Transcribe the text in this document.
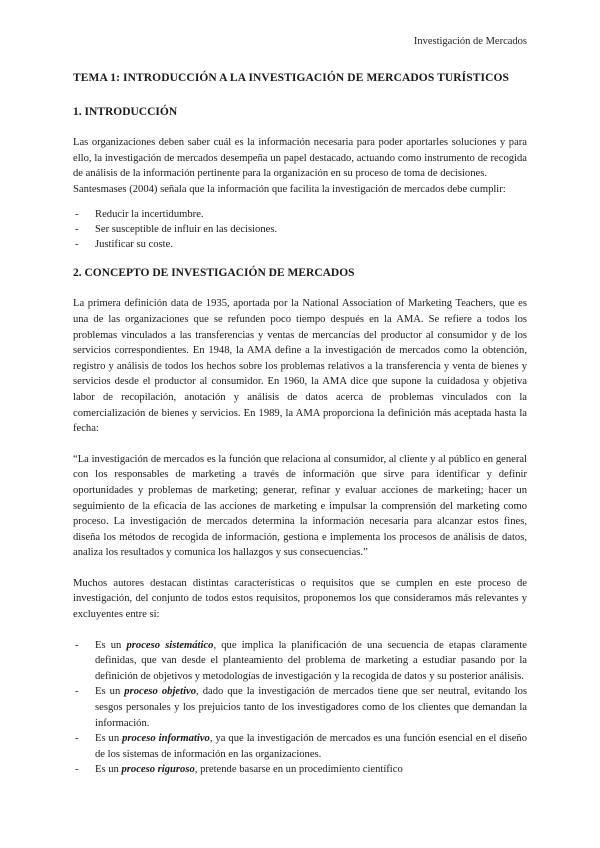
Investigación de Mercados
TEMA 1: INTRODUCCIÓN A LA INVESTIGACIÓN DE MERCADOS TURÍSTICOS
1. INTRODUCCIÓN

Las organizaciones deben saber cuál es la información necesaria para poder aportarles soluciones y para ello, la investigación de mercados desempeña un papel destacado, actuando como instrumento de recogida de análisis de la información pertinente para la organización en su proceso de toma de decisiones.

Santesmases (2004) señala que la información que facilita la investigación de mercados debe cumplir:

- Reducir la incertidumbre.
- Ser susceptible de influir en las decisiones.
- Justificar su coste.
2. CONCEPTO DE INVESTIGACIÓN DE MERCADOS

La primera definición data de 1935, aportada por la National Association of Marketing Teachers, que es una de las organizaciones que se refunden poco tiempo después en la AMA. Se refiere a todos los problemas vinculados a las transferencias y ventas de mercancías del productor al consumidor y de los servicios correspondientes. En 1948, la AMA define a la investigación de mercados como la obtención, registro y análisis de todos los hechos sobre los problemas relativos a la transferencia y venta de bienes y servicios desde el productor al consumidor. En 1960, la AMA dice que supone la cuidadosa y objetiva labor de recopilación, anotación y análisis de datos acerca de problemas vinculados con la comercialización de bienes y servicios. En 1989, la AMA proporciona la definición más aceptada hasta la fecha:

“La investigación de mercados es la función que relaciona al consumidor, al cliente y al público en general con los responsables de marketing a través de información que sirve para identificar y definir oportunidades y problemas de marketing; generar, refinar y evaluar acciones de marketing; hacer un seguimiento de la eficacia de las acciones de marketing e impulsar la comprensión del marketing como proceso. La investigación de mercados determina la información necesaria para alcanzar estos fines, diseña los métodos de recogida de información, gestiona e implementa los procesos de análisis de datos, analiza los resultados y comunica los hallazgos y sus consecuencias.”

Muchos autores destacan distintas características o requisitos que se cumplen en este proceso de investigación, del conjunto de todos estos requisitos, proponemos los que consideramos más relevantes y excluyentes entre sí:

- Es un proceso sistemático, que implica la planificación de una secuencia de etapas claramente definidas, que van desde el planteamiento del problema de marketing a estudiar pasando por la definición de objetivos y metodologías de investigación y la recogida de datos y su posterior análisis.
- Es un proceso objetivo, dado que la investigación de mercados tiene que ser neutral, evitando los sesgos personales y los prejuicios tanto de los investigadores como de los clientes que demandan la información.
- Es un proceso informativo, ya que la investigación de mercados es una función esencial en el diseño de los sistemas de información en las organizaciones.
- Es un proceso riguroso, pretende basarse en un procedimiento científico
